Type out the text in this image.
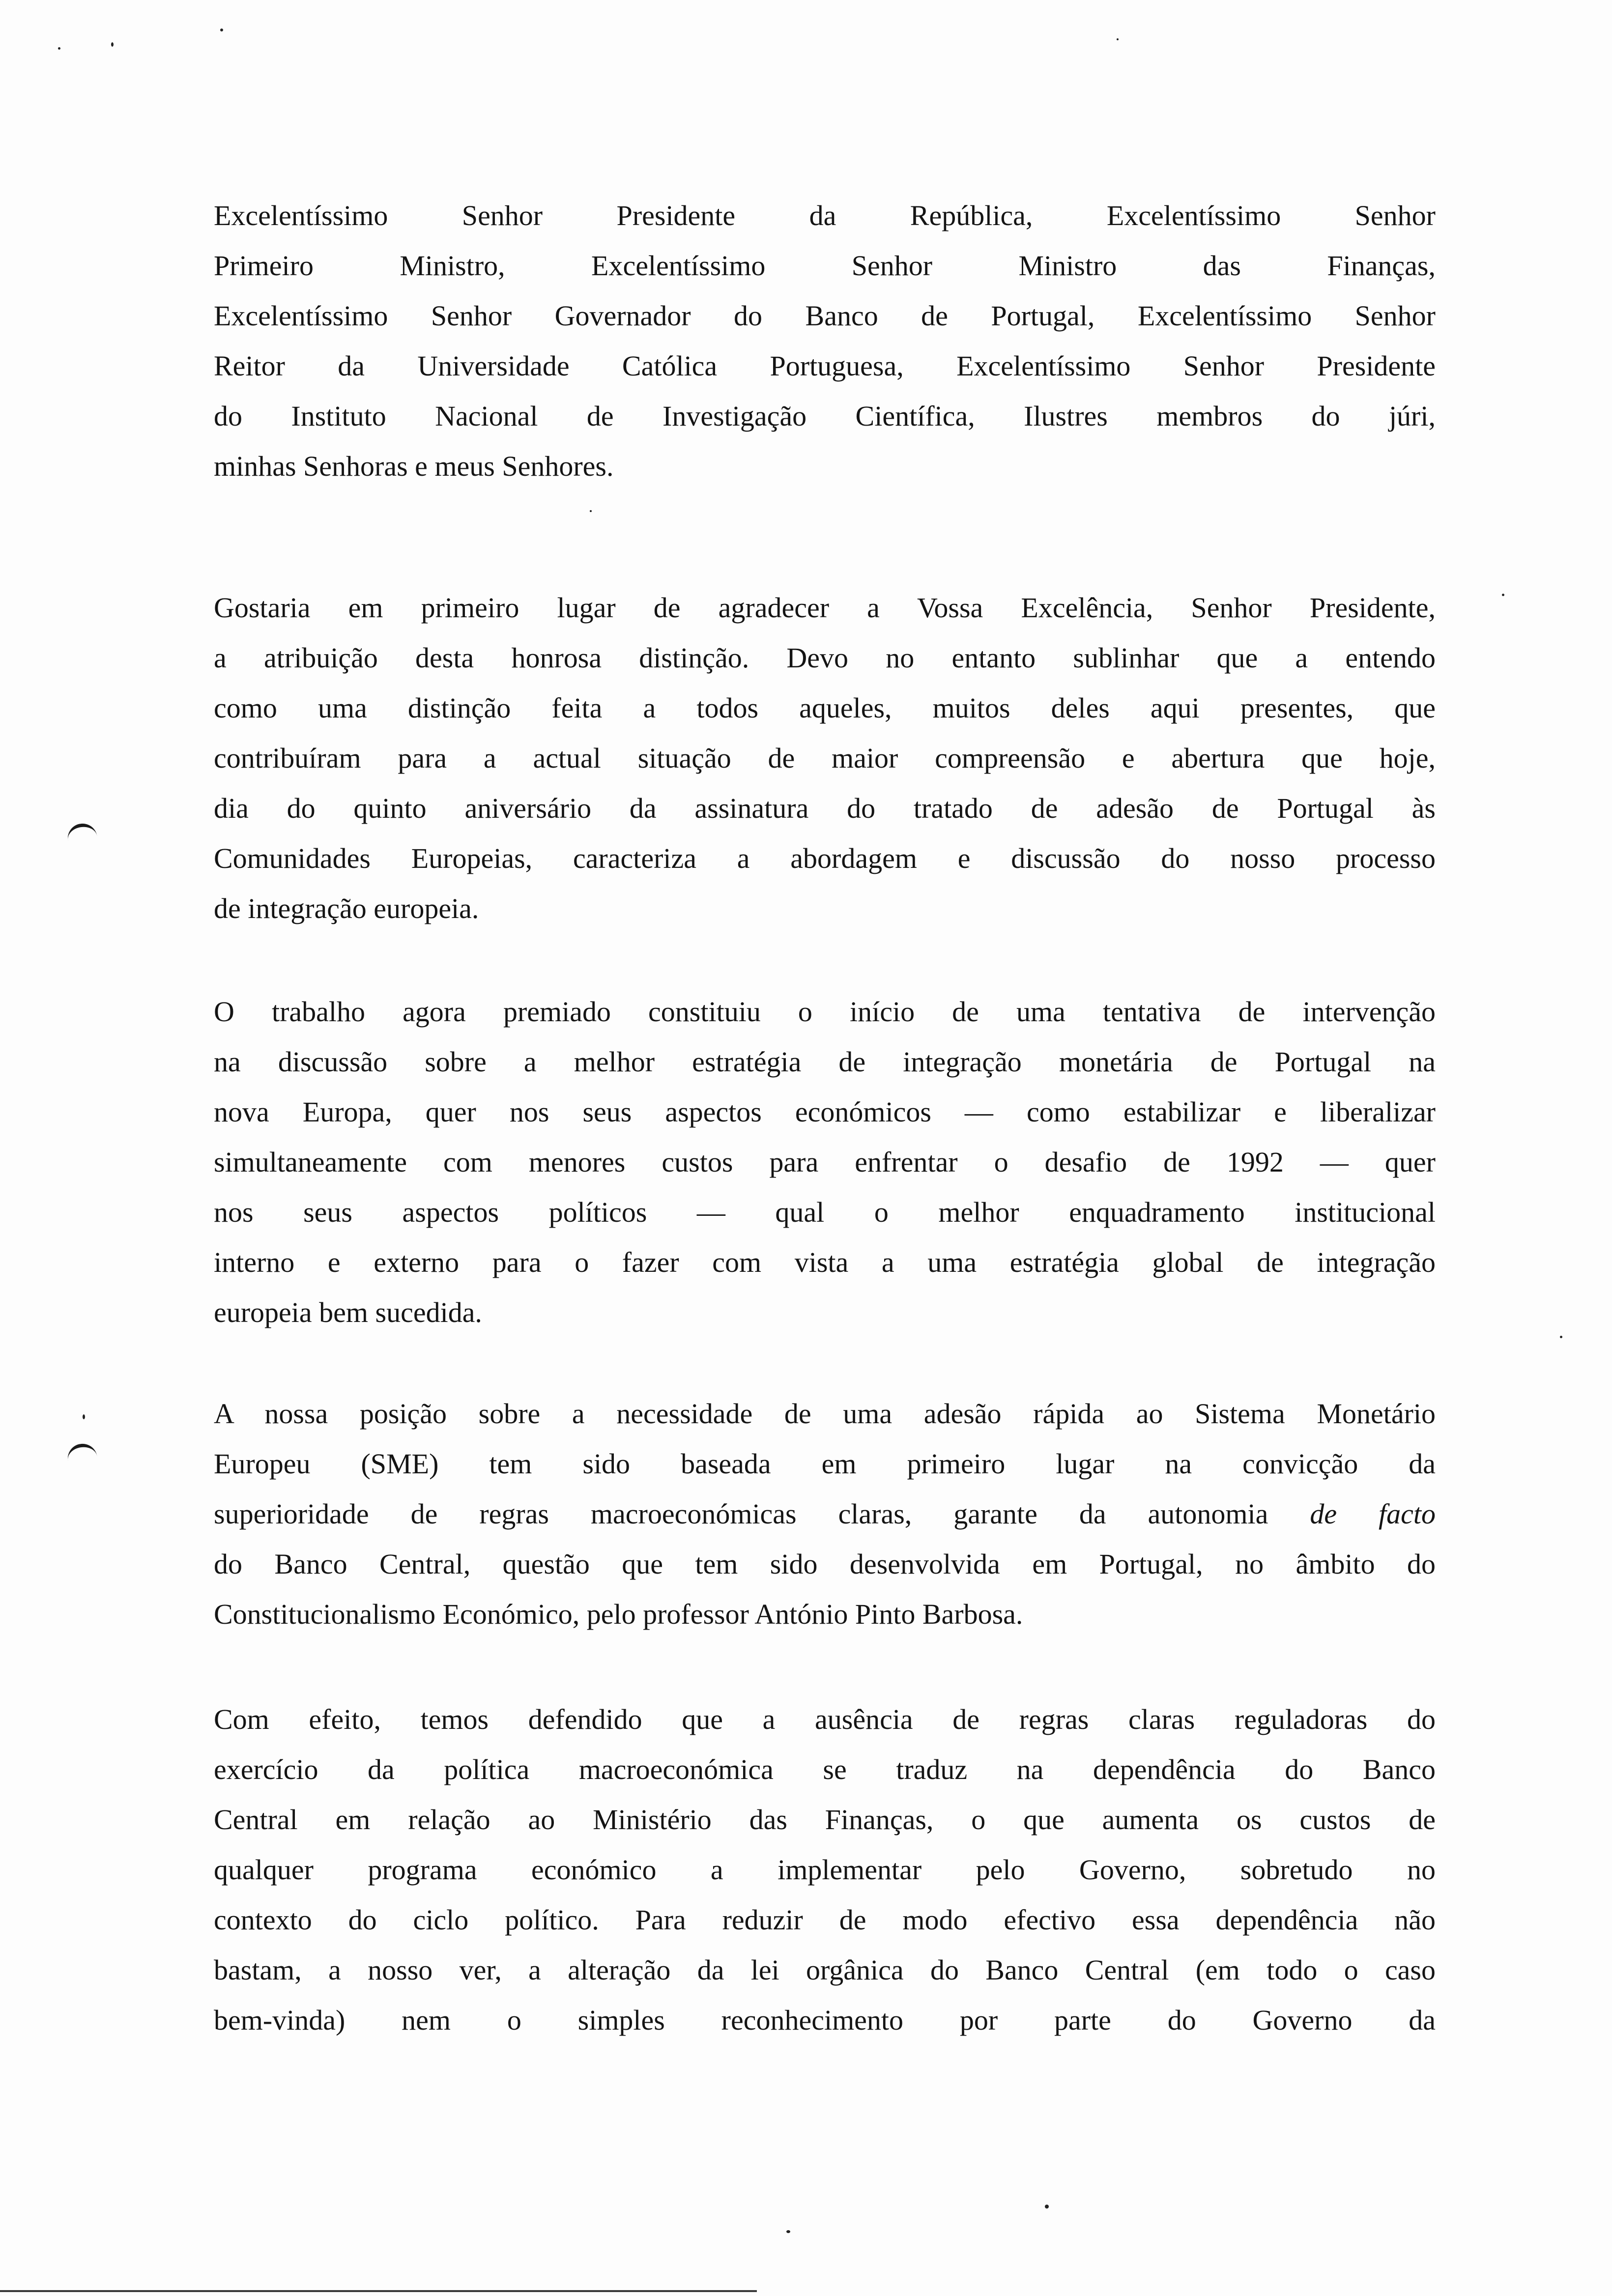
Excelentíssimo Senhor Presidente da República, Excelentíssimo Senhor
Primeiro Ministro, Excelentíssimo Senhor Ministro das Finanças,
Excelentíssimo Senhor Governador do Banco de Portugal, Excelentíssimo Senhor
Reitor da Universidade Católica Portuguesa, Excelentíssimo Senhor Presidente
do Instituto Nacional de Investigação Científica, Ilustres membros do júri,
minhas Senhoras e meus Senhores.
Gostaria em primeiro lugar de agradecer a Vossa Excelência, Senhor Presidente,
a atribuição desta honrosa distinção. Devo no entanto sublinhar que a entendo
como uma distinção feita a todos aqueles, muitos deles aqui presentes, que
contribuíram para a actual situação de maior compreensão e abertura que hoje,
dia do quinto aniversário da assinatura do tratado de adesão de Portugal às
Comunidades Europeias, caracteriza a abordagem e discussão do nosso processo
de integração europeia.
O trabalho agora premiado constituiu o início de uma tentativa de intervenção
na discussão sobre a melhor estratégia de integração monetária de Portugal na
nova Europa, quer nos seus aspectos económicos — como estabilizar e liberalizar
simultaneamente com menores custos para enfrentar o desafio de 1992 — quer
nos seus aspectos políticos — qual o melhor enquadramento institucional
interno e externo para o fazer com vista a uma estratégia global de integração
europeia bem sucedida.
A nossa posição sobre a necessidade de uma adesão rápida ao Sistema Monetário
Europeu (SME) tem sido baseada em primeiro lugar na convicção da
superioridade de regras macroeconómicas claras, garante da autonomia de facto
do Banco Central, questão que tem sido desenvolvida em Portugal, no âmbito do
Constitucionalismo Económico, pelo professor António Pinto Barbosa.
Com efeito, temos defendido que a ausência de regras claras reguladoras do
exercício da política macroeconómica se traduz na dependência do Banco
Central em relação ao Ministério das Finanças, o que aumenta os custos de
qualquer programa económico a implementar pelo Governo, sobretudo no
contexto do ciclo político. Para reduzir de modo efectivo essa dependência não
bastam, a nosso ver, a alteração da lei orgânica do Banco Central (em todo o caso
bem-vinda) nem o simples reconhecimento por parte do Governo da
